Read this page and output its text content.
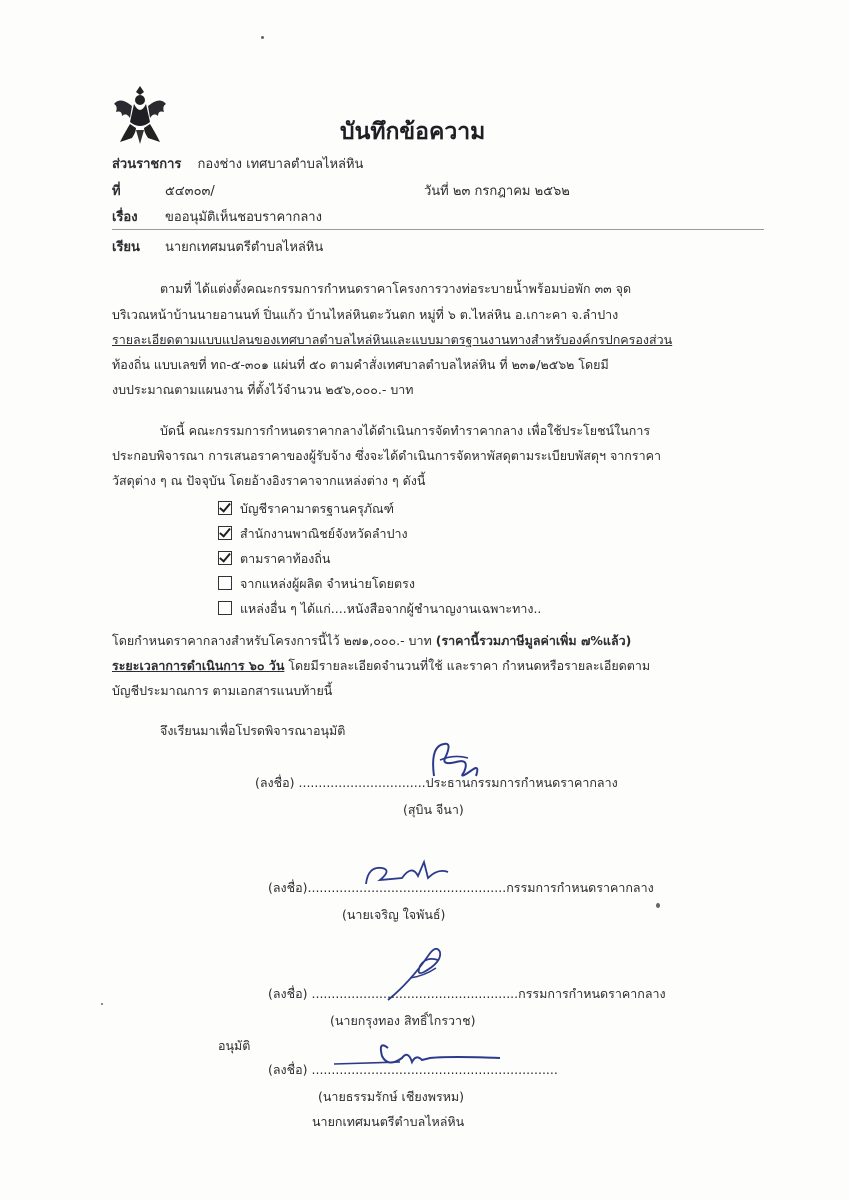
บันทึกข้อความ
ส่วนราชการ กองช่าง เทศบาลตำบลไหล่หิน
ที่	๕๔๓๐๓/	วันที่ ๒๓ กรกฎาคม ๒๕๖๒
เรื่อง ขออนุมัติเห็นชอบราคากลาง
เรียน นายกเทศมนตรีตำบลไหล่หิน
ตามที่ ได้แต่งตั้งคณะกรรมการกำหนดราคาโครงการวางท่อระบายน้ำพร้อมบ่อพัก ๓๓ จุด
บริเวณหน้าบ้านนายอานนท์ ปิ่นแก้ว บ้านไหล่หินตะวันตก หมู่ที่ ๖ ต.ไหล่หิน อ.เกาะคา จ.ลำปาง
รายละเอียดตามแบบแปลนของเทศบาลตำบลไหล่หินและแบบมาตรฐานงานทางสำหรับองค์กรปกครองส่วน
ท้องถิ่น แบบเลขที่ ทถ-๕-๓๐๑ แผ่นที่ ๕๐ ตามคำสั่งเทศบาลตำบลไหล่หิน ที่ ๒๓๑/๒๕๖๒ โดยมี
งบประมาณตามแผนงาน ที่ตั้งไว้จำนวน ๒๕๖,๐๐๐.- บาท
บัดนี้ คณะกรรมการกำหนดราคากลางได้ดำเนินการจัดทำราคากลาง เพื่อใช้ประโยชน์ในการ
ประกอบพิจารณา การเสนอราคาของผู้รับจ้าง ซึ่งจะได้ดำเนินการจัดหาพัสดุตามระเบียบพัสดุฯ จากราคา
วัสดุต่าง ๆ ณ ปัจจุบัน โดยอ้างอิงราคาจากแหล่งต่าง ๆ ดังนี้
บัญชีราคามาตรฐานครุภัณฑ์
สำนักงานพาณิชย์จังหวัดลำปาง
ตามราคาท้องถิ่น
จากแหล่งผู้ผลิต จำหน่ายโดยตรง
แหล่งอื่น ๆ ได้แก่....หนังสือจากผู้ชำนาญงานเฉพาะทาง..
โดยกำหนดราคากลางสำหรับโครงการนี้ไว้ ๒๗๑,๐๐๐.- บาท (ราคานี้รวมภาษีมูลค่าเพิ่ม ๗%แล้ว)
ระยะเวลาการดำเนินการ ๖๐ วัน โดยมีรายละเอียดจำนวนที่ใช้ และราคา กำหนดหรือรายละเอียดตาม
บัญชีประมาณการ ตามเอกสารแนบท้ายนี้
จึงเรียนมาเพื่อโปรดพิจารณาอนุมัติ
(ลงชื่อ) ................................ประธานกรรมการกำหนดราคากลาง
(สุบิน จีนา)
(ลงชื่อ)..................................................กรรมการกำหนดราคากลาง
(นายเจริญ ใจพันธ์)
(ลงชื่อ) ....................................................กรรมการกำหนดราคากลาง
(นายกรุงทอง สิทธิ์ไกรวาช)
อนุมัติ
(ลงชื่อ) ..............................................................
(นายธรรมรักษ์ เชียงพรหม)
นายกเทศมนตรีตำบลไหล่หิน
